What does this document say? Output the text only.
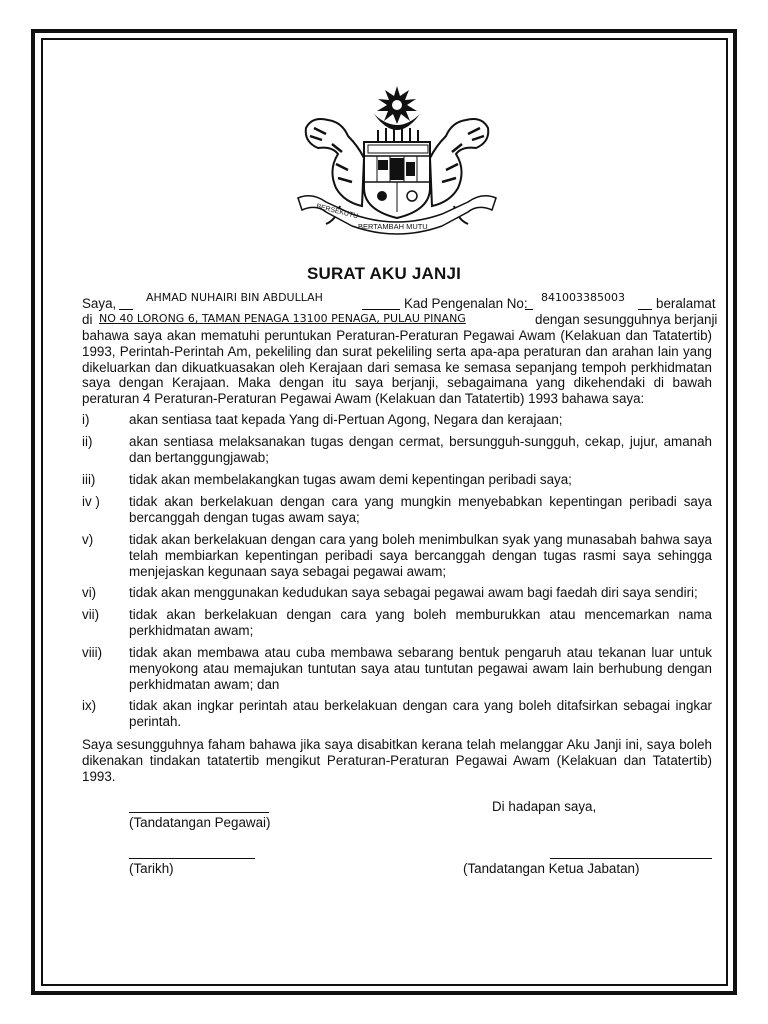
BERSEKUTU
BERTAMBAH MUTU
SURAT AKU JANJI
Saya,	AHMAD NUHAIRI BIN ABDULLAH	Kad Pengenalan No: 841003385003 beralamat
di NO 40 LORONG 6, TAMAN PENAGA 13100 PENAGA, PULAU PINANG	dengan sesungguhnya berjanji
bahawa saya akan mematuhi peruntukan Peraturan-Peraturan Pegawai Awam (Kelakuan dan Tatatertib) 1993, Perintah-Perintah Am, pekeliling dan surat pekeliling serta apa-apa peraturan dan arahan lain yang dikeluarkan dan dikuatkuasakan oleh Kerajaan dari semasa ke semasa sepanjang tempoh perkhidmatan saya dengan Kerajaan. Maka dengan itu saya berjanji, sebagaimana yang dikehendaki di bawah peraturan 4 Peraturan-Peraturan Pegawai Awam (Kelakuan dan Tatatertib) 1993 bahawa saya:
i)	akan sentiasa taat kepada Yang di-Pertuan Agong, Negara dan kerajaan;
ii)	akan sentiasa melaksanakan tugas dengan cermat, bersungguh-sungguh, cekap, jujur, amanah dan bertanggungjawab;
iii)	tidak akan membelakangkan tugas awam demi kepentingan peribadi saya;
iv ) tidak akan berkelakuan dengan cara yang mungkin menyebabkan kepentingan peribadi saya bercanggah dengan tugas awam saya;
v)	tidak akan berkelakuan dengan cara yang boleh menimbulkan syak yang munasabah bahwa saya telah membiarkan kepentingan peribadi saya bercanggah dengan tugas rasmi saya sehingga menjejaskan kegunaan saya sebagai pegawai awam;
vi) tidak akan menggunakan kedudukan saya sebagai pegawai awam bagi faedah diri saya sendiri;
vii) tidak akan berkelakuan dengan cara yang boleh memburukkan atau mencemarkan nama perkhidmatan awam;
viii) tidak akan membawa atau cuba membawa sebarang bentuk pengaruh atau tekanan luar untuk menyokong atau memajukan tuntutan saya atau tuntutan pegawai awam lain berhubung dengan perkhidmatan awam; dan
ix) tidak akan ingkar perintah atau berkelakuan dengan cara yang boleh ditafsirkan sebagai ingkar perintah.
Saya sesungguhnya faham bahawa jika saya disabitkan kerana telah melanggar Aku Janji ini, saya boleh dikenakan tindakan tatatertib mengikut Peraturan-Peraturan Pegawai Awam (Kelakuan dan Tatatertib) 1993.
(Tandatangan Pegawai)
Di hadapan saya,
(Tarikh)	(Tandatangan Ketua Jabatan)
